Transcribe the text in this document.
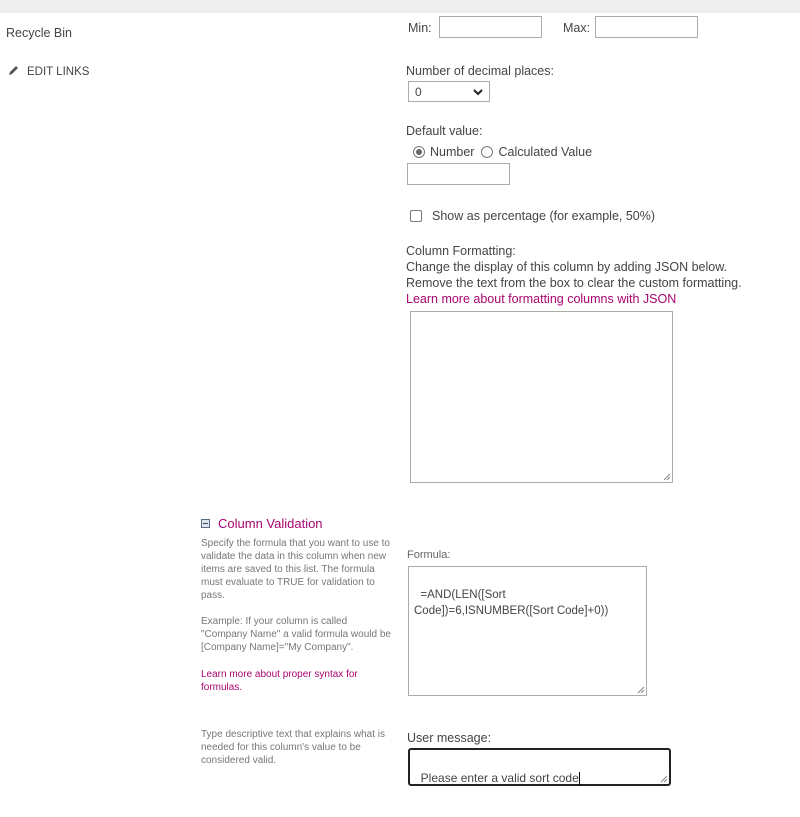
Recycle Bin
EDIT LINKS
Min:	Max:
Number of decimal places:
0
Default value:
Number Calculated Value
Show as percentage (for example, 50%)
Column Formatting:
Change the display of this column by adding JSON below.
Remove the text from the box to clear the custom formatting.
Learn more about formatting columns with JSON

Column Validation
Specify the formula that you want to use to validate the data in this column when new items are saved to this list. The formula must evaluate to TRUE for validation to pass.
Example: If your column is called "Company Name" a valid formula would be [Company Name]="My Company".
Learn more about proper syntax for formulas.
Type descriptive text that explains what is needed for this column's value to be considered valid.
Formula:

=AND(LEN([Sort Code])=6,ISNUMBER([Sort Code]+0))

User message:

Please enter a valid sort code
